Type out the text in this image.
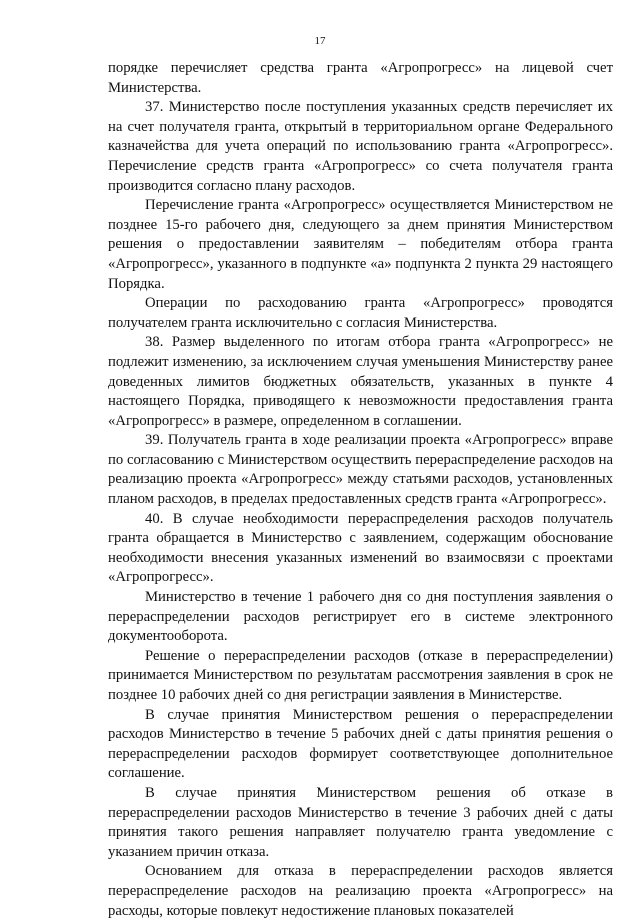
17

порядке перечисляет средства гранта «Агропрогресс» на лицевой счет Министерства.

37. Министерство после поступления указанных средств перечисляет их на счет получателя гранта, открытый в территориальном органе Федерального казначейства для учета операций по использованию гранта «Агропрогресс». Перечисление средств гранта «Агропрогресс» со счета получателя гранта производится согласно плану расходов.

Перечисление гранта «Агропрогресс» осуществляется Министерством не позднее 15-го рабочего дня, следующего за днем принятия Министерством решения о предоставлении заявителям – победителям отбора гранта «Агропрогресс», указанного в подпункте «а» подпункта 2 пункта 29 настоящего Порядка.

Операции по расходованию гранта «Агропрогресс» проводятся получателем гранта исключительно с согласия Министерства.

38. Размер выделенного по итогам отбора гранта «Агропрогресс» не подлежит изменению, за исключением случая уменьшения Министерству ранее доведенных лимитов бюджетных обязательств, указанных в пункте 4 настоящего Порядка, приводящего к невозможности предоставления гранта «Агропрогресс» в размере, определенном в соглашении.

39. Получатель гранта в ходе реализации проекта «Агропрогресс» вправе по согласованию с Министерством осуществить перераспределение расходов на реализацию проекта «Агропрогресс» между статьями расходов, установленных планом расходов, в пределах предоставленных средств гранта «Агропрогресс».

40. В случае необходимости перераспределения расходов получатель гранта обращается в Министерство с заявлением, содержащим обоснование необходимости внесения указанных изменений во взаимосвязи с проектами «Агропрогресс».

Министерство в течение 1 рабочего дня со дня поступления заявления о перераспределении расходов регистрирует его в системе электронного документооборота.

Решение о перераспределении расходов (отказе в перераспределении) принимается Министерством по результатам рассмотрения заявления в срок не позднее 10 рабочих дней со дня регистрации заявления в Министерстве.

В случае принятия Министерством решения о перераспределении расходов Министерство в течение 5 рабочих дней с даты принятия решения о перераспределении расходов формирует соответствующее дополнительное соглашение.

В случае принятия Министерством решения об отказе в перераспределении расходов Министерство в течение 3 рабочих дней с даты принятия такого решения направляет получателю гранта уведомление с указанием причин отказа.

Основанием для отказа в перераспределении расходов является перераспределение расходов на реализацию проекта «Агропрогресс» на расходы, которые повлекут недостижение плановых показателей
